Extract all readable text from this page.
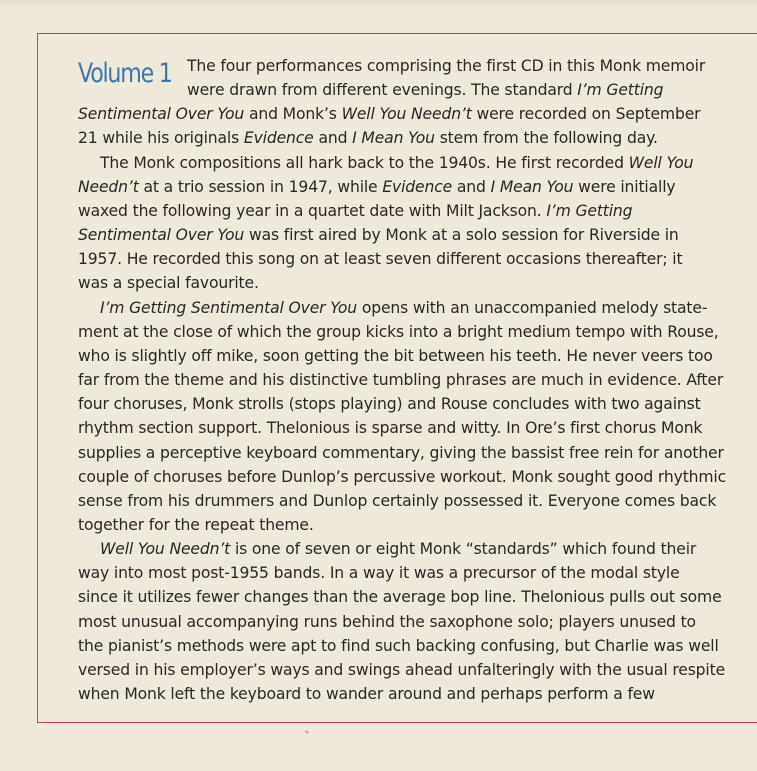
Volume 1 The four performances comprising the first CD in this Monk memoir
were drawn from different evenings. The standard I’m Getting
Sentimental Over You and Monk’s Well You Needn’t were recorded on September
21 while his originals Evidence and I Mean You stem from the following day.
The Monk compositions all hark back to the 1940s. He first recorded Well You
Needn’t at a trio session in 1947, while Evidence and I Mean You were initially
waxed the following year in a quartet date with Milt Jackson. I’m Getting
Sentimental Over You was first aired by Monk at a solo session for Riverside in
1957. He recorded this song on at least seven different occasions thereafter; it
was a special favourite.
I’m Getting Sentimental Over You opens with an unaccompanied melody state-
ment at the close of which the group kicks into a bright medium tempo with Rouse,
who is slightly off mike, soon getting the bit between his teeth. He never veers too
far from the theme and his distinctive tumbling phrases are much in evidence. After
four choruses, Monk strolls (stops playing) and Rouse concludes with two against
rhythm section support. Thelonious is sparse and witty. In Ore’s first chorus Monk
supplies a perceptive keyboard commentary, giving the bassist free rein for another
couple of choruses before Dunlop’s percussive workout. Monk sought good rhythmic
sense from his drummers and Dunlop certainly possessed it. Everyone comes back
together for the repeat theme.
Well You Needn’t is one of seven or eight Monk “standards” which found their
way into most post-1955 bands. In a way it was a precursor of the modal style
since it utilizes fewer changes than the average bop line. Thelonious pulls out some
most unusual accompanying runs behind the saxophone solo; players unused to
the pianist’s methods were apt to find such backing confusing, but Charlie was well
versed in his employer’s ways and swings ahead unfalteringly with the usual respite
when Monk left the keyboard to wander around and perhaps perform a few
